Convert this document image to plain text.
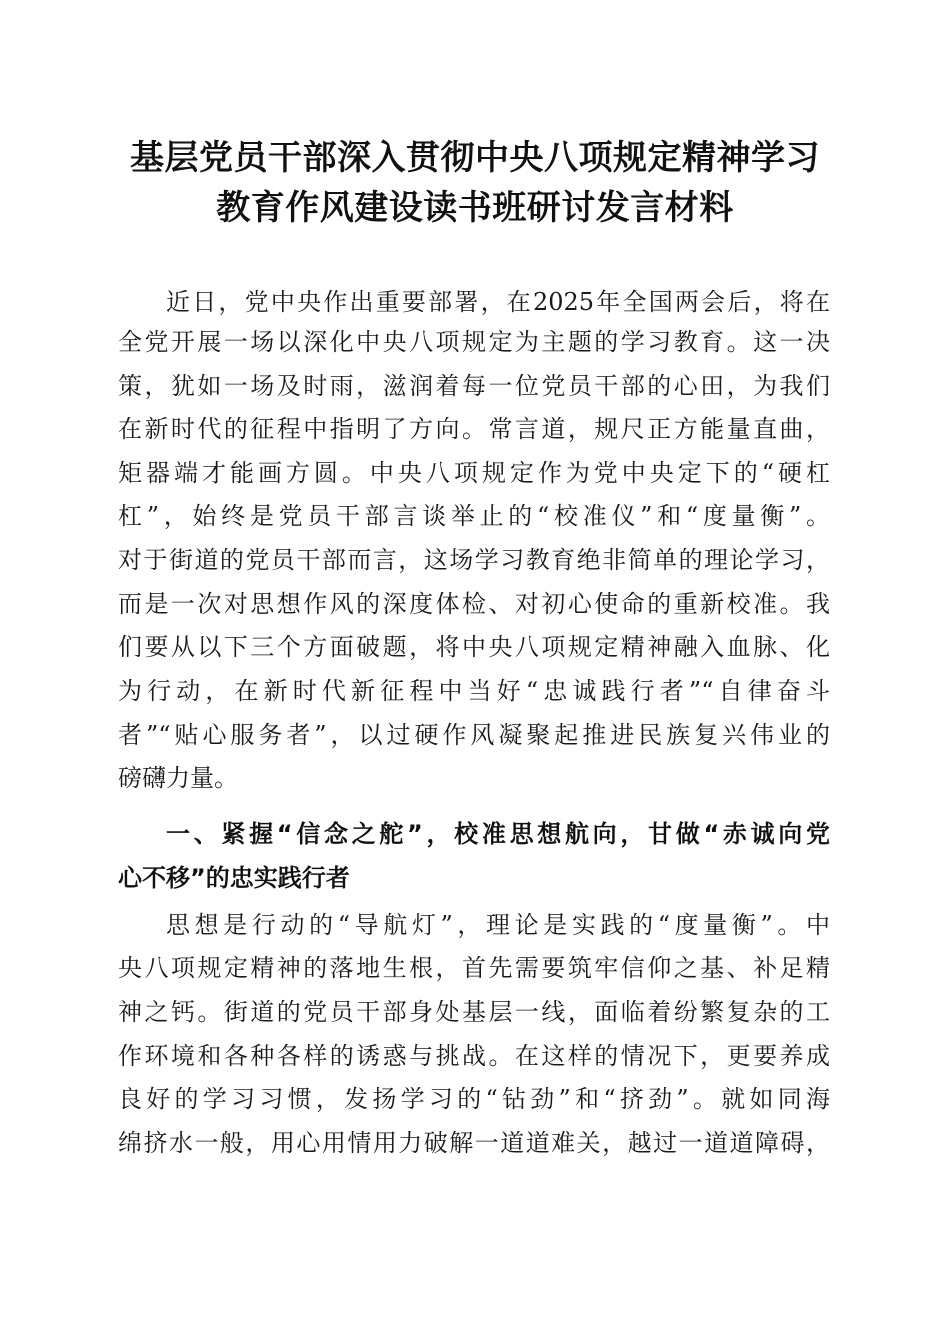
基层党员干部深入贯彻中央八项规定精神学习
教育作风建设读书班研讨发言材料
近日，党中央作出重要部署，在2025年全国两会后，将在
全党开展一场以深化中央八项规定为主题的学习教育。这一决
策，犹如一场及时雨，滋润着每一位党员干部的心田，为我们
在新时代的征程中指明了方向。常言道，规尺正方能量直曲，
矩器端才能画方圆。中央八项规定作为党中央定下的“硬杠
杠”，始终是党员干部言谈举止的“校准仪”和“度量衡”。
对于街道的党员干部而言，这场学习教育绝非简单的理论学习，
而是一次对思想作风的深度体检、对初心使命的重新校准。我
们要从以下三个方面破题，将中央八项规定精神融入血脉、化
为行动，在新时代新征程中当好“忠诚践行者”“自律奋斗
者”“贴心服务者”，以过硬作风凝聚起推进民族复兴伟业的
磅礴力量。
一、紧握“信念之舵”，校准思想航向，甘做“赤诚向党
心不移”的忠实践行者
思想是行动的“导航灯”，理论是实践的“度量衡”。中
央八项规定精神的落地生根，首先需要筑牢信仰之基、补足精
神之钙。街道的党员干部身处基层一线，面临着纷繁复杂的工
作环境和各种各样的诱惑与挑战。在这样的情况下，更要养成
良好的学习习惯，发扬学习的“钻劲”和“挤劲”。就如同海
绵挤水一般，用心用情用力破解一道道难关，越过一道道障碍，
